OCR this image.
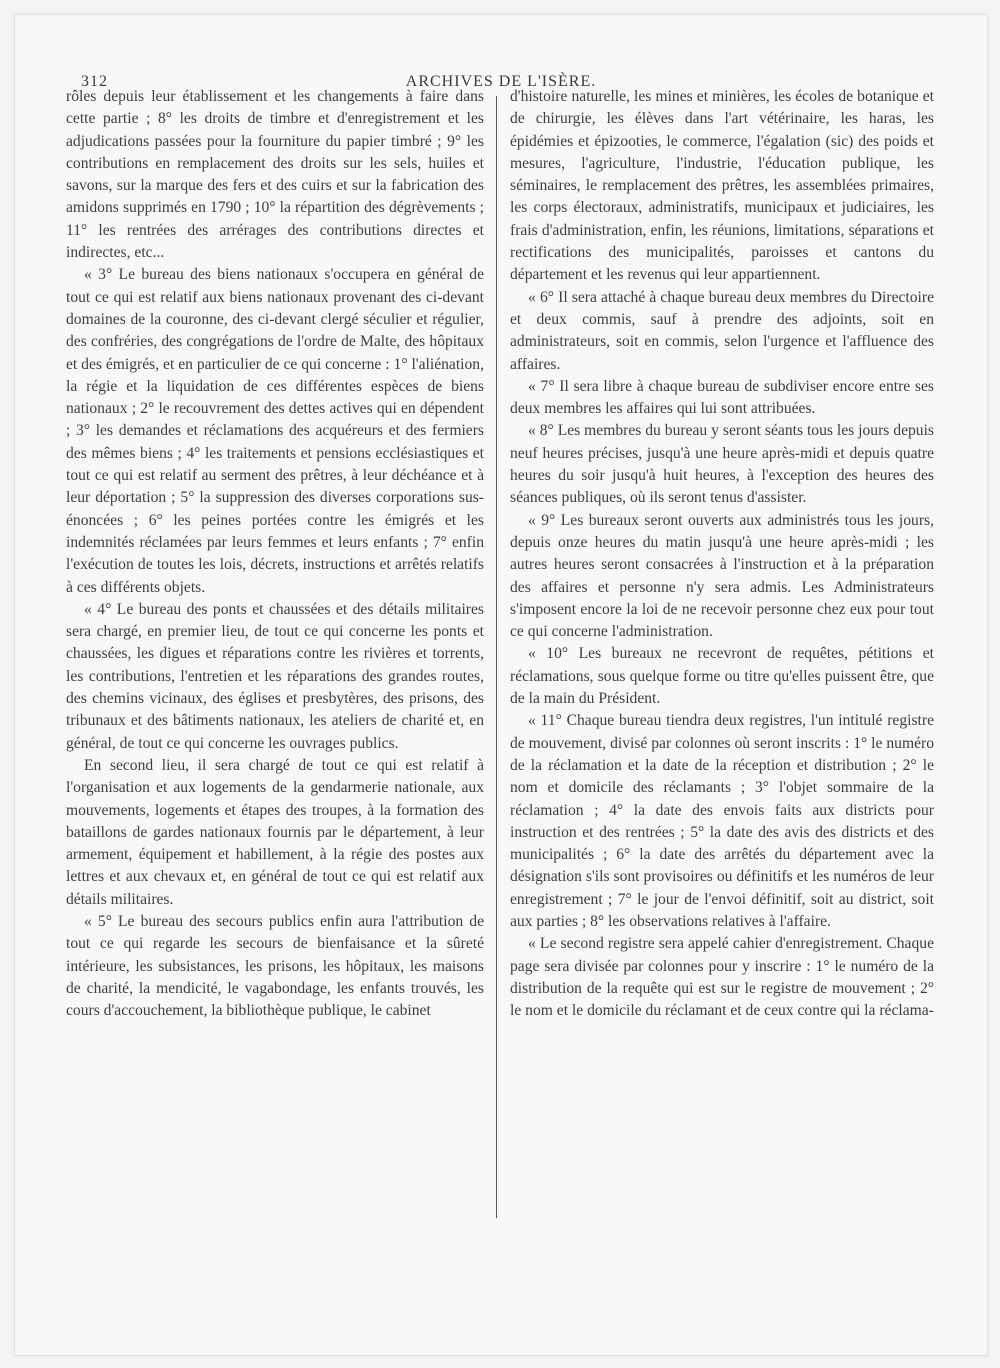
312	ARCHIVES DE L'ISÈRE.

rôles depuis leur établissement et les changements à faire dans cette partie ; 8° les droits de timbre et d'enregistrement et les adjudications passées pour la fourniture du papier timbré ; 9° les contributions en remplacement des droits sur les sels, huiles et savons, sur la marque des fers et des cuirs et sur la fabrication des amidons supprimés en 1790 ; 10° la répartition des dégrèvements ; 11° les rentrées des arrérages des contributions directes et indirectes, etc...

« 3° Le bureau des biens nationaux s'occupera en général de tout ce qui est relatif aux biens nationaux provenant des ci-devant domaines de la couronne, des ci-devant clergé séculier et régulier, des confréries, des congrégations de l'ordre de Malte, des hôpitaux et des émigrés, et en particulier de ce qui concerne : 1° l'aliénation, la régie et la liquidation de ces différentes espèces de biens nationaux ; 2° le recouvrement des dettes actives qui en dépendent ; 3° les demandes et réclamations des acquéreurs et des fermiers des mêmes biens ; 4° les traitements et pensions ecclésiastiques et tout ce qui est relatif au serment des prêtres, à leur déchéance et à leur déportation ; 5° la suppression des diverses corporations sus-énoncées ; 6° les peines portées contre les émigrés et les indemnités réclamées par leurs femmes et leurs enfants ; 7° enfin l'exécution de toutes les lois, décrets, instructions et arrêtés relatifs à ces différents objets.

« 4° Le bureau des ponts et chaussées et des détails militaires sera chargé, en premier lieu, de tout ce qui concerne les ponts et chaussées, les digues et réparations contre les rivières et torrents, les contributions, l'entretien et les réparations des grandes routes, des chemins vicinaux, des églises et presbytères, des prisons, des tribunaux et des bâtiments nationaux, les ateliers de charité et, en général, de tout ce qui concerne les ouvrages publics.

En second lieu, il sera chargé de tout ce qui est relatif à l'organisation et aux logements de la gendarmerie nationale, aux mouvements, logements et étapes des troupes, à la formation des bataillons de gardes nationaux fournis par le département, à leur armement, équipement et habillement, à la régie des postes aux lettres et aux chevaux et, en général de tout ce qui est relatif aux détails militaires.

« 5° Le bureau des secours publics enfin aura l'attribution de tout ce qui regarde les secours de bienfaisance et la sûreté intérieure, les subsistances, les prisons, les hôpitaux, les maisons de charité, la mendicité, le vagabondage, les enfants trouvés, les cours d'accouchement, la bibliothèque publique, le cabinet

d'histoire naturelle, les mines et minières, les écoles de botanique et de chirurgie, les élèves dans l'art vétérinaire, les haras, les épidémies et épizooties, le commerce, l'égalation (sic) des poids et mesures, l'agriculture, l'industrie, l'éducation publique, les séminaires, le remplacement des prêtres, les assemblées primaires, les corps électoraux, administratifs, municipaux et judiciaires, les frais d'administration, enfin, les réunions, limitations, séparations et rectifications des municipalités, paroisses et cantons du département et les revenus qui leur appartiennent.

« 6° Il sera attaché à chaque bureau deux membres du Directoire et deux commis, sauf à prendre des adjoints, soit en administrateurs, soit en commis, selon l'urgence et l'affluence des affaires.

« 7° Il sera libre à chaque bureau de subdiviser encore entre ses deux membres les affaires qui lui sont attribuées.

« 8° Les membres du bureau y seront séants tous les jours depuis neuf heures précises, jusqu'à une heure après-midi et depuis quatre heures du soir jusqu'à huit heures, à l'exception des heures des séances publiques, où ils seront tenus d'assister.

« 9° Les bureaux seront ouverts aux administrés tous les jours, depuis onze heures du matin jusqu'à une heure après-midi ; les autres heures seront consacrées à l'instruction et à la préparation des affaires et personne n'y sera admis. Les Administrateurs s'imposent encore la loi de ne recevoir personne chez eux pour tout ce qui concerne l'administration.

« 10° Les bureaux ne recevront de requêtes, pétitions et réclamations, sous quelque forme ou titre qu'elles puissent être, que de la main du Président.

« 11° Chaque bureau tiendra deux registres, l'un intitulé registre de mouvement, divisé par colonnes où seront inscrits : 1° le numéro de la réclamation et la date de la réception et distribution ; 2° le nom et domicile des réclamants ; 3° l'objet sommaire de la réclamation ; 4° la date des envois faits aux districts pour instruction et des rentrées ; 5° la date des avis des districts et des municipalités ; 6° la date des arrêtés du département avec la désignation s'ils sont provisoires ou définitifs et les numéros de leur enregistrement ; 7° le jour de l'envoi définitif, soit au district, soit aux parties ; 8° les observations relatives à l'affaire.

« Le second registre sera appelé cahier d'enregistrement. Chaque page sera divisée par colonnes pour y inscrire : 1° le numéro de la distribution de la requête qui est sur le registre de mouvement ; 2° le nom et le domicile du réclamant et de ceux contre qui la réclama-
